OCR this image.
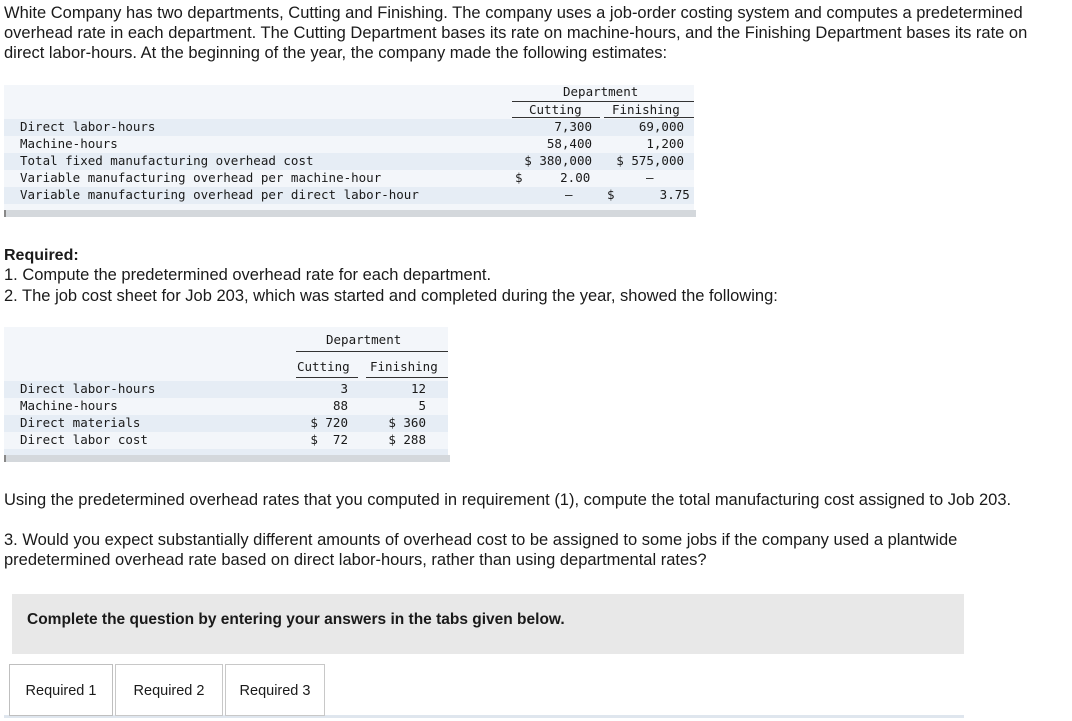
White Company has two departments, Cutting and Finishing. The company uses a job-order costing system and computes a predetermined overhead rate in each department. The Cutting Department bases its rate on machine-hours, and the Finishing Department bases its rate on direct labor-hours. At the beginning of the year, the company made the following estimates:
Department
Cutting Finishing
Direct labor-hours	7,300	69,000
Machine-hours	58,400	1,200
Total fixed manufacturing overhead cost	$ 380,000	$ 575,000
Variable manufacturing overhead per machine-hour	$     2.00	–
Variable manufacturing overhead per direct labor-hour	–	$      3.75
Required:
1. Compute the predetermined overhead rate for each department.
2. The job cost sheet for Job 203, which was started and completed during the year, showed the following:
Department
Cutting Finishing
Direct labor-hours	3	12
Machine-hours	88	5
Direct materials	$ 720	$ 360
Direct labor cost	$  72	$ 288
Using the predetermined overhead rates that you computed in requirement (1), compute the total manufacturing cost assigned to Job 203.
3. Would you expect substantially different amounts of overhead cost to be assigned to some jobs if the company used a plantwide predetermined overhead rate based on direct labor-hours, rather than using departmental rates?
Complete the question by entering your answers in the tabs given below.
Required 1	Required 2	Required 3
